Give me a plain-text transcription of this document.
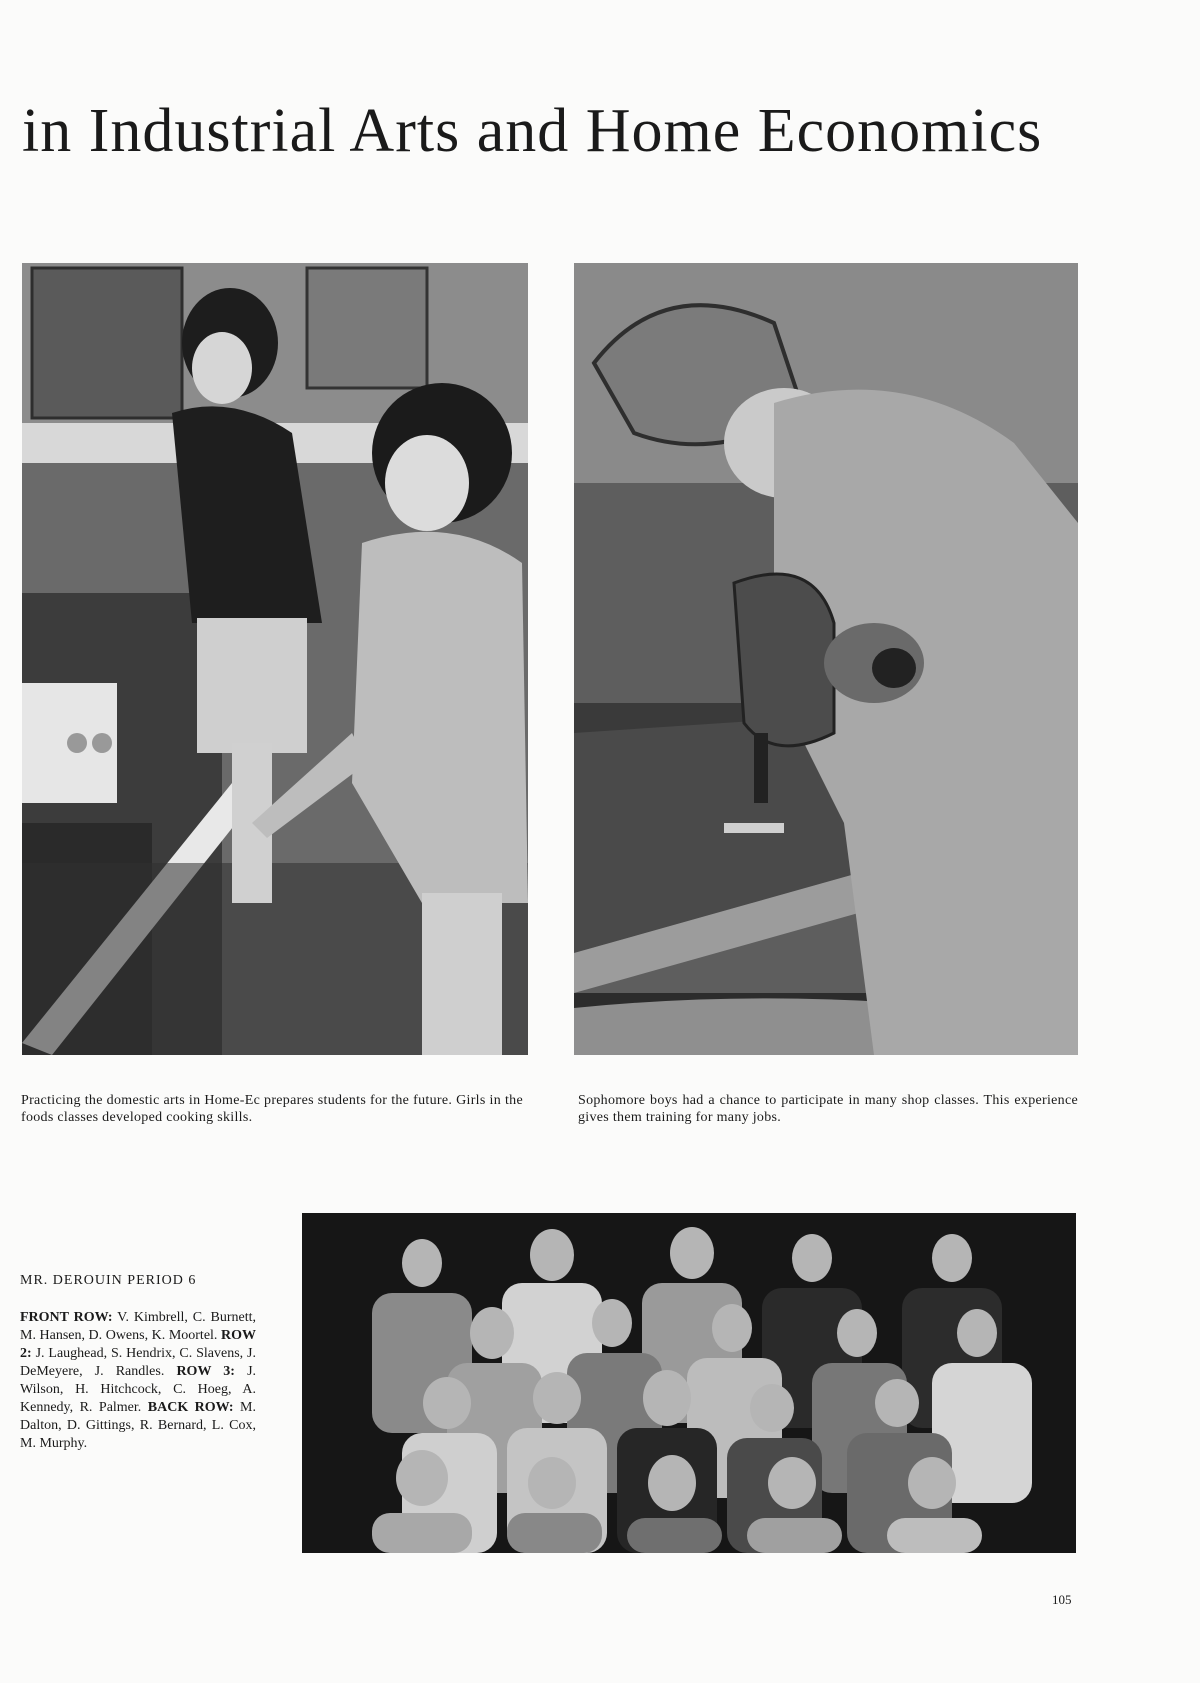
in Industrial Arts and Home Economics

Practicing the domestic arts in Home-Ec prepares students for the future. Girls in the foods classes developed cooking skills.

Sophomore boys had a chance to participate in many shop classes. This experience gives them training for many jobs.

MR. DEROUIN PERIOD 6
FRONT ROW: V. Kimbrell, C. Burnett, M. Hansen, D. Owens, K. Moortel. ROW 2: J. Laughead, S. Hendrix, C. Slavens, J. DeMeyere, J. Randles. ROW 3: J. Wilson, H. Hitchcock, C. Hoeg, A. Kennedy, R. Palmer. BACK ROW: M. Dalton, D. Gittings, R. Bernard, L. Cox, M. Murphy.
105
